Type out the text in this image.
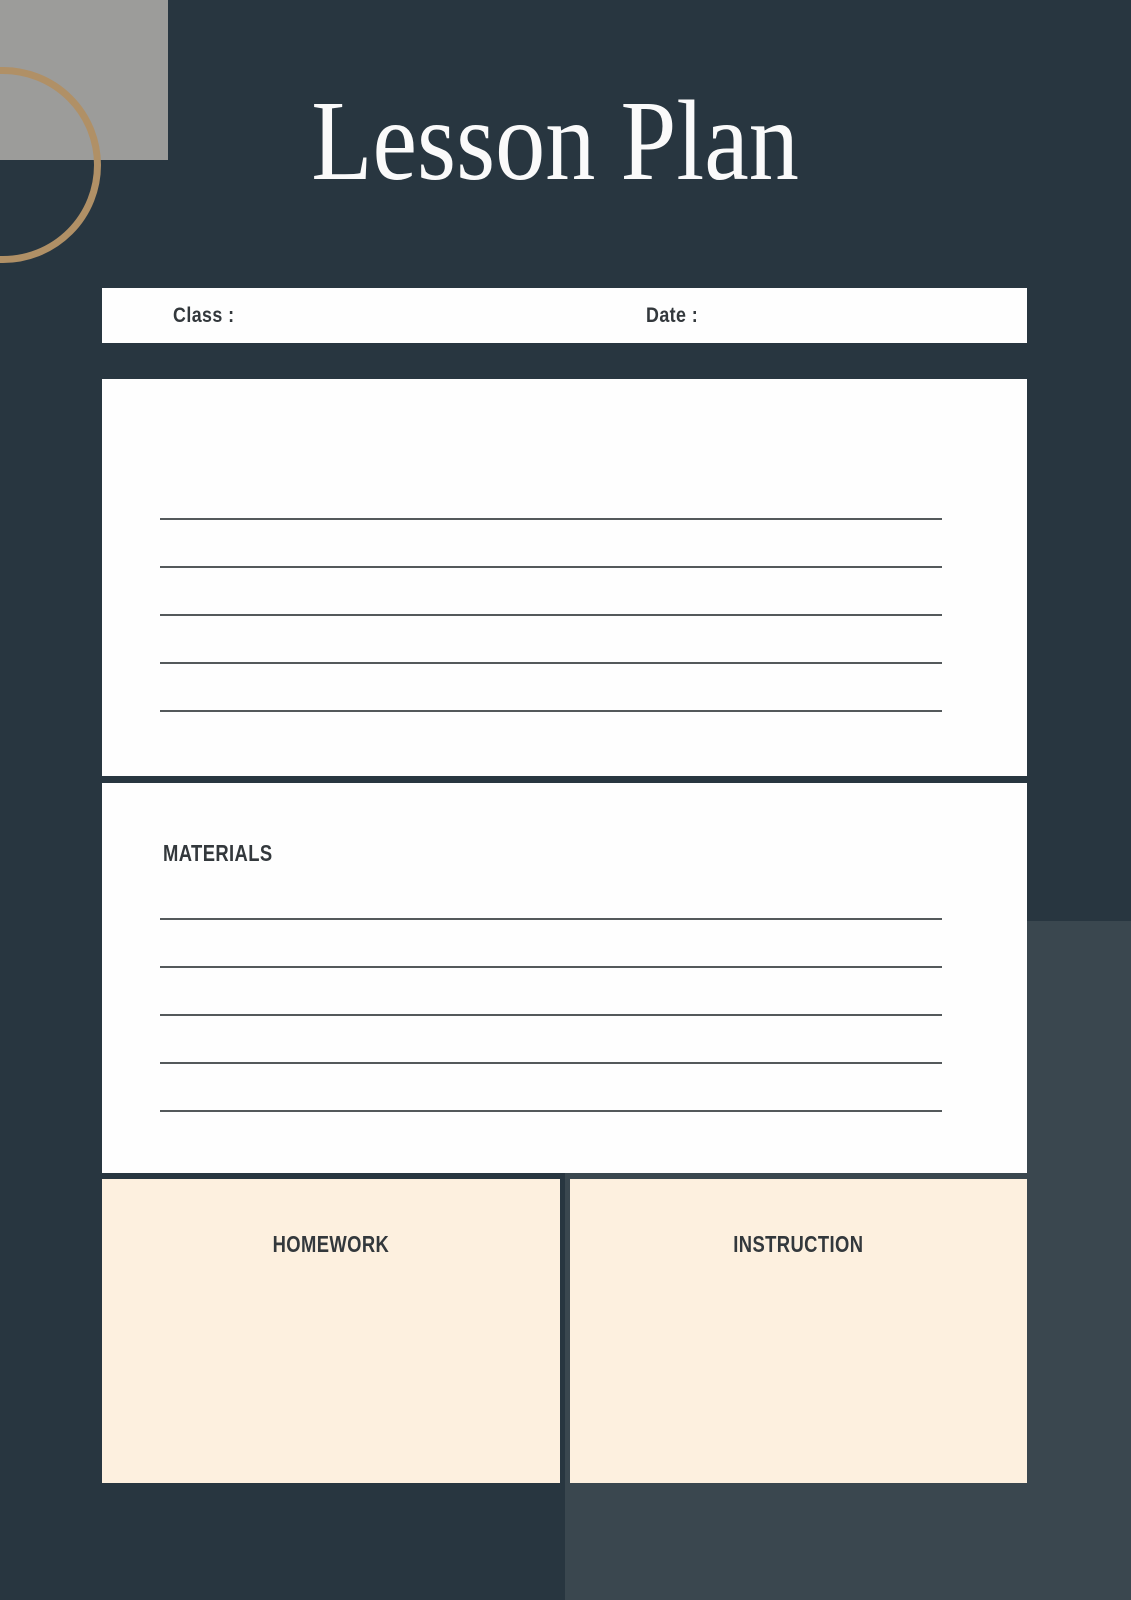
Lesson Plan
Class :	Date :
MATERIALS
HOMEWORK	INSTRUCTION
